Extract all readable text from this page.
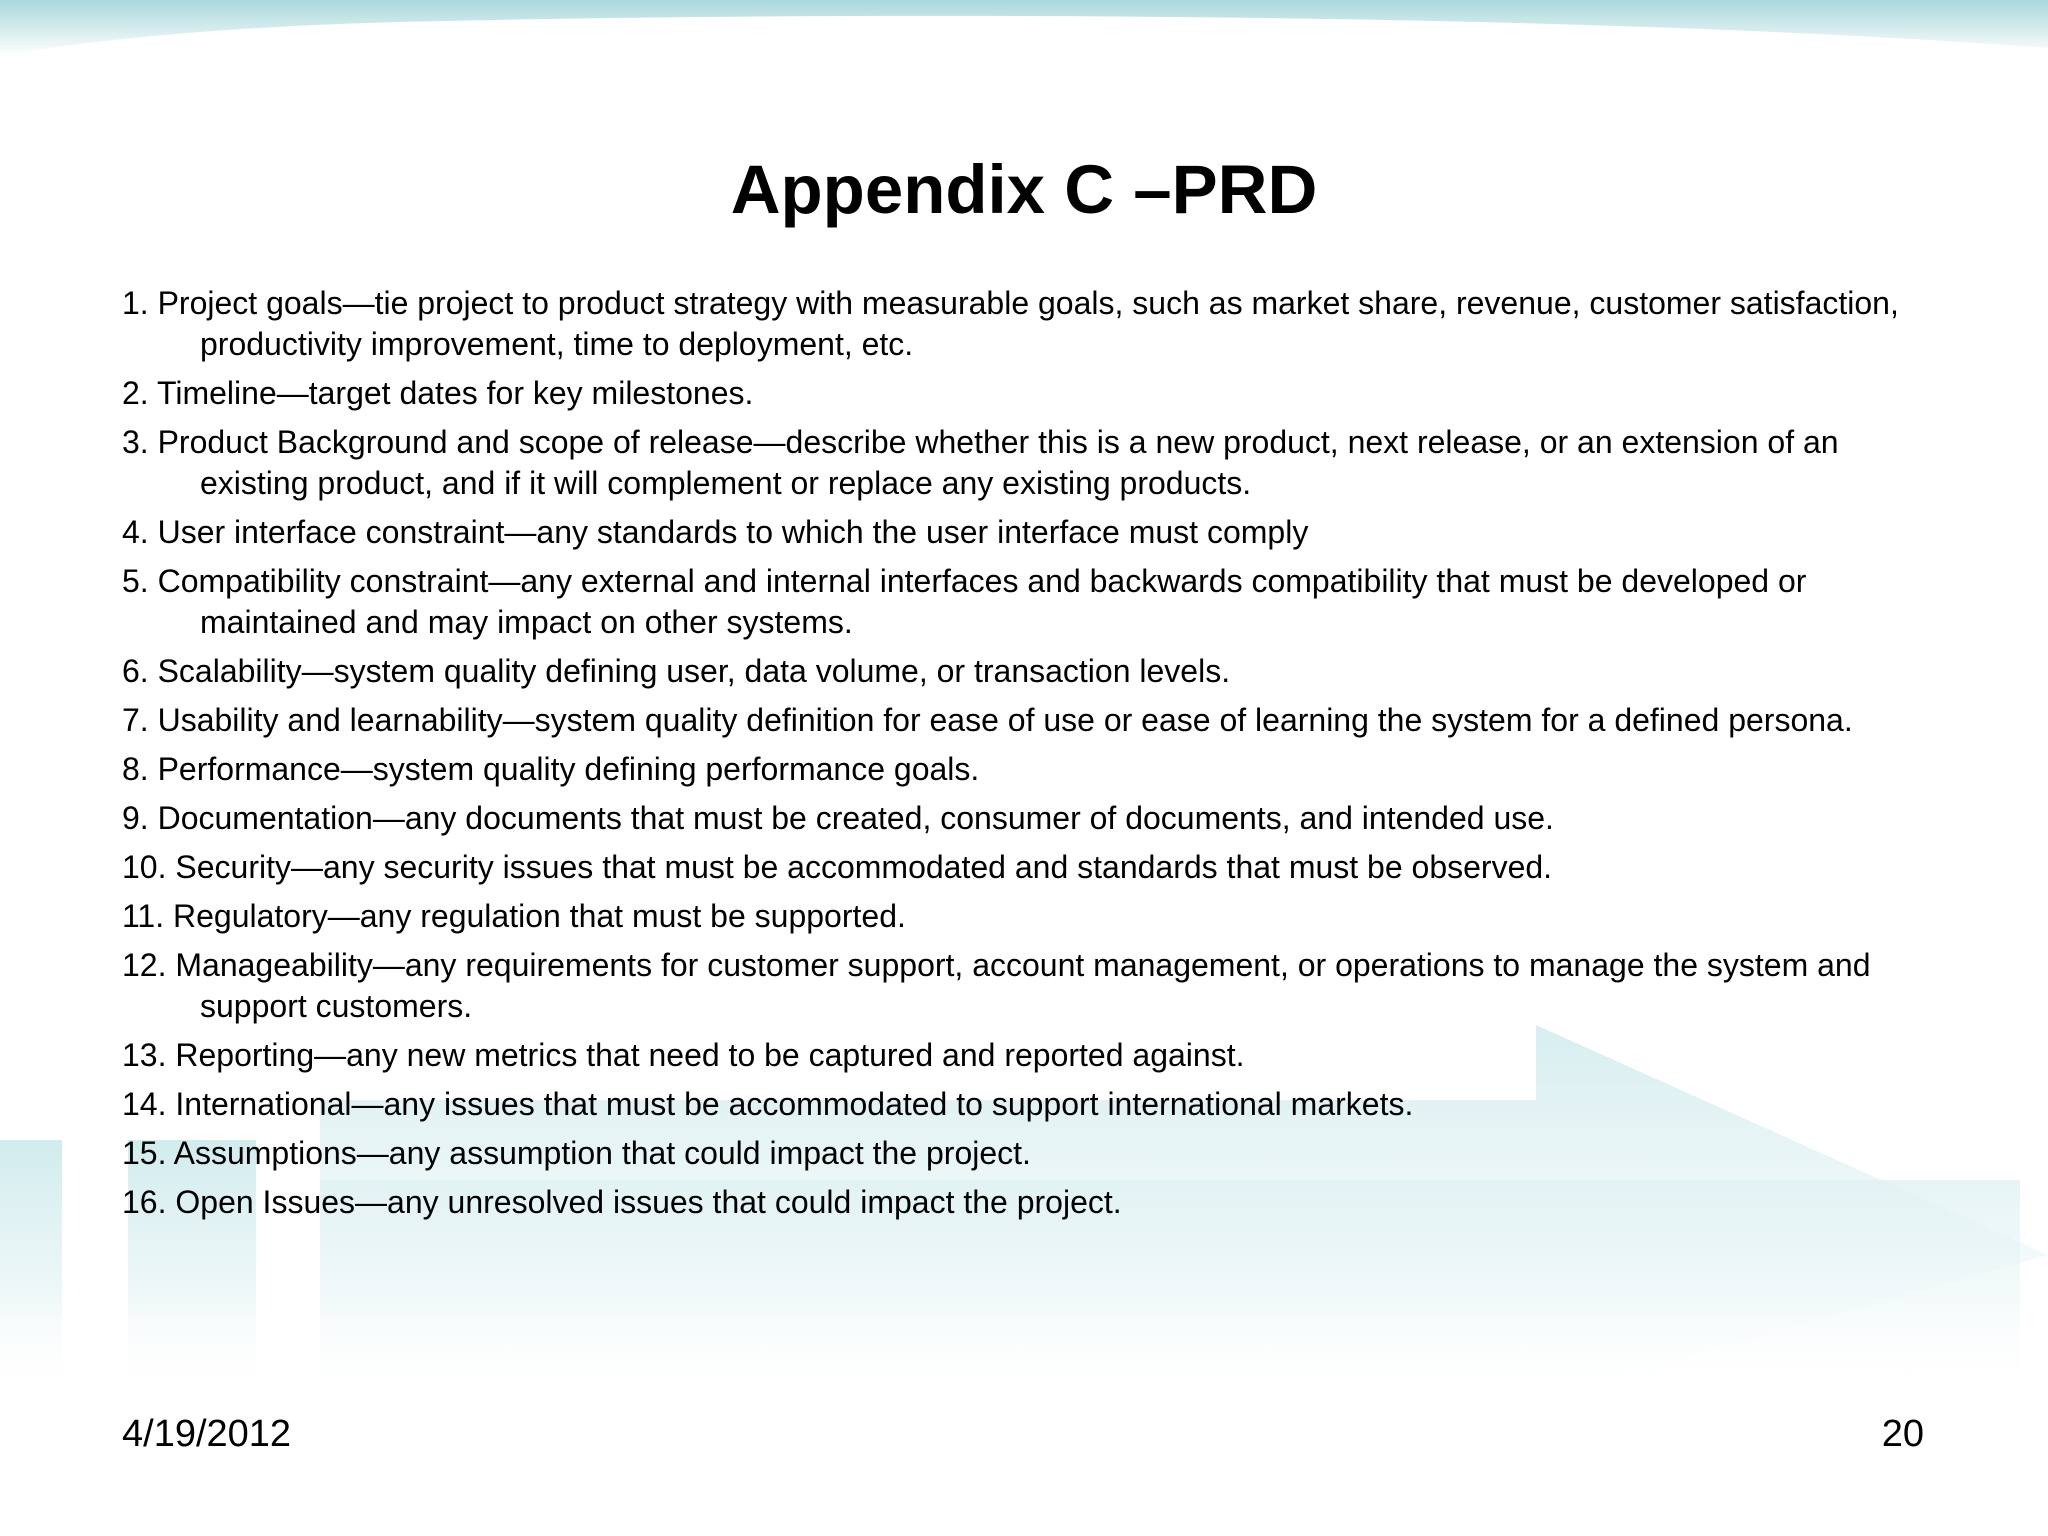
Appendix C –PRD
1. Project goals—tie project to product strategy with measurable goals, such as market share, revenue, customer satisfaction, productivity improvement, time to deployment, etc.
2. Timeline—target dates for key milestones.
3. Product Background and scope of release—describe whether this is a new product, next release, or an extension of an existing product, and if it will complement or replace any existing products.
4. User interface constraint—any standards to which the user interface must comply
5. Compatibility constraint—any external and internal interfaces and backwards compatibility that must be developed or maintained and may impact on other systems.
6. Scalability—system quality defining user, data volume, or transaction levels.
7. Usability and learnability—system quality definition for ease of use or ease of learning the system for a defined persona.
8. Performance—system quality defining performance goals.
9. Documentation—any documents that must be created, consumer of documents, and intended use.
10. Security—any security issues that must be accommodated and standards that must be observed.
11. Regulatory—any regulation that must be supported.
12. Manageability—any requirements for customer support, account management, or operations to manage the system and support customers.
13. Reporting—any new metrics that need to be captured and reported against.
14. International—any issues that must be accommodated to support international markets.
15. Assumptions—any assumption that could impact the project.
16. Open Issues—any unresolved issues that could impact the project.
4/19/2012	20
